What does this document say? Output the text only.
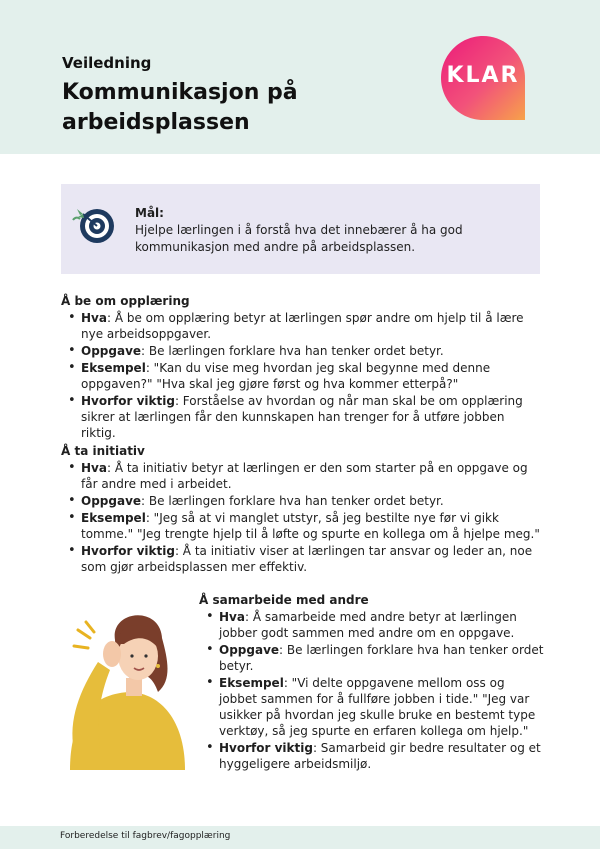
Veiledning
Kommunikasjon på arbeidsplassen
KLAR
Mål:
Hjelpe lærlingen i å forstå hva det innebærer å ha god kommunikasjon med andre på arbeidsplassen.
Å be om opplæring
• Hva: Å be om opplæring betyr at lærlingen spør andre om hjelp til å lære nye arbeidsoppgaver.
• Oppgave: Be lærlingen forklare hva han tenker ordet betyr.
• Eksempel: "Kan du vise meg hvordan jeg skal begynne med denne oppgaven?" "Hva skal jeg gjøre først og hva kommer etterpå?"
• Hvorfor viktig: Forståelse av hvordan og når man skal be om opplæring sikrer at lærlingen får den kunnskapen han trenger for å utføre jobben riktig.
Å ta initiativ
• Hva: Å ta initiativ betyr at lærlingen er den som starter på en oppgave og får andre med i arbeidet.
• Oppgave: Be lærlingen forklare hva han tenker ordet betyr.
• Eksempel: "Jeg så at vi manglet utstyr, så jeg bestilte nye før vi gikk tomme." "Jeg trengte hjelp til å løfte og spurte en kollega om å hjelpe meg."
• Hvorfor viktig: Å ta initiativ viser at lærlingen tar ansvar og leder an, noe som gjør arbeidsplassen mer effektiv.
Å samarbeide med andre
• Hva: Å samarbeide med andre betyr at lærlingen jobber godt sammen med andre om en oppgave.
• Oppgave: Be lærlingen forklare hva han tenker ordet betyr.
• Eksempel: "Vi delte oppgavene mellom oss og jobbet sammen for å fullføre jobben i tide." "Jeg var usikker på hvordan jeg skulle bruke en bestemt type verktøy, så jeg spurte en erfaren kollega om hjelp."
• Hvorfor viktig: Samarbeid gir bedre resultater og et hyggeligere arbeidsmiljø.
Forberedelse til fagbrev/fagopplæring
